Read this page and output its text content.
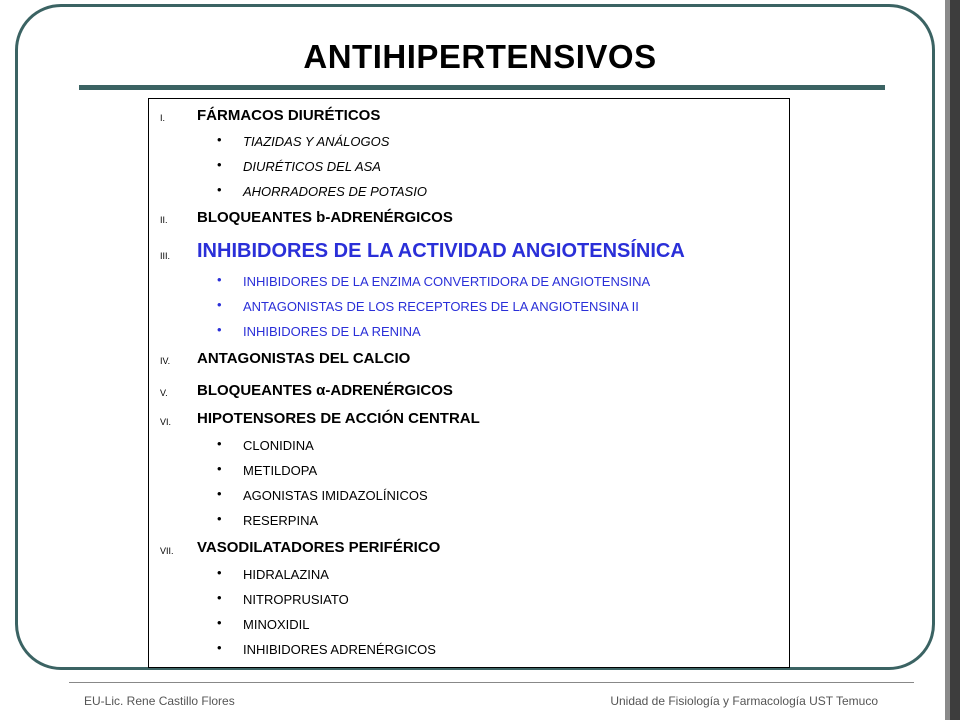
ANTIHIPERTENSIVOS
I. FÁRMACOS DIURÉTICOS
• TIAZIDAS Y ANÁLOGOS
• DIURÉTICOS DEL ASA
• AHORRADORES DE POTASIO
II. BLOQUEANTES b-ADRENÉRGICOS
III. INHIBIDORES DE LA ACTIVIDAD ANGIOTENSÍNICA
• INHIBIDORES DE LA ENZIMA CONVERTIDORA DE ANGIOTENSINA
• ANTAGONISTAS DE LOS RECEPTORES DE LA ANGIOTENSINA II
• INHIBIDORES DE LA RENINA
IV. ANTAGONISTAS DEL CALCIO
V. BLOQUEANTES α-ADRENÉRGICOS
VI. HIPOTENSORES DE ACCIÓN CENTRAL
• CLONIDINA
• METILDOPA
• AGONISTAS IMIDAZOLÍNICOS
• RESERPINA
VII. VASODILATADORES PERIFÉRICO
• HIDRALAZINA
• NITROPRUSIATO
• MINOXIDIL
• INHIBIDORES ADRENÉRGICOS
EU-Lic. Rene Castillo Flores	Unidad de Fisiología y Farmacología UST Temuco
